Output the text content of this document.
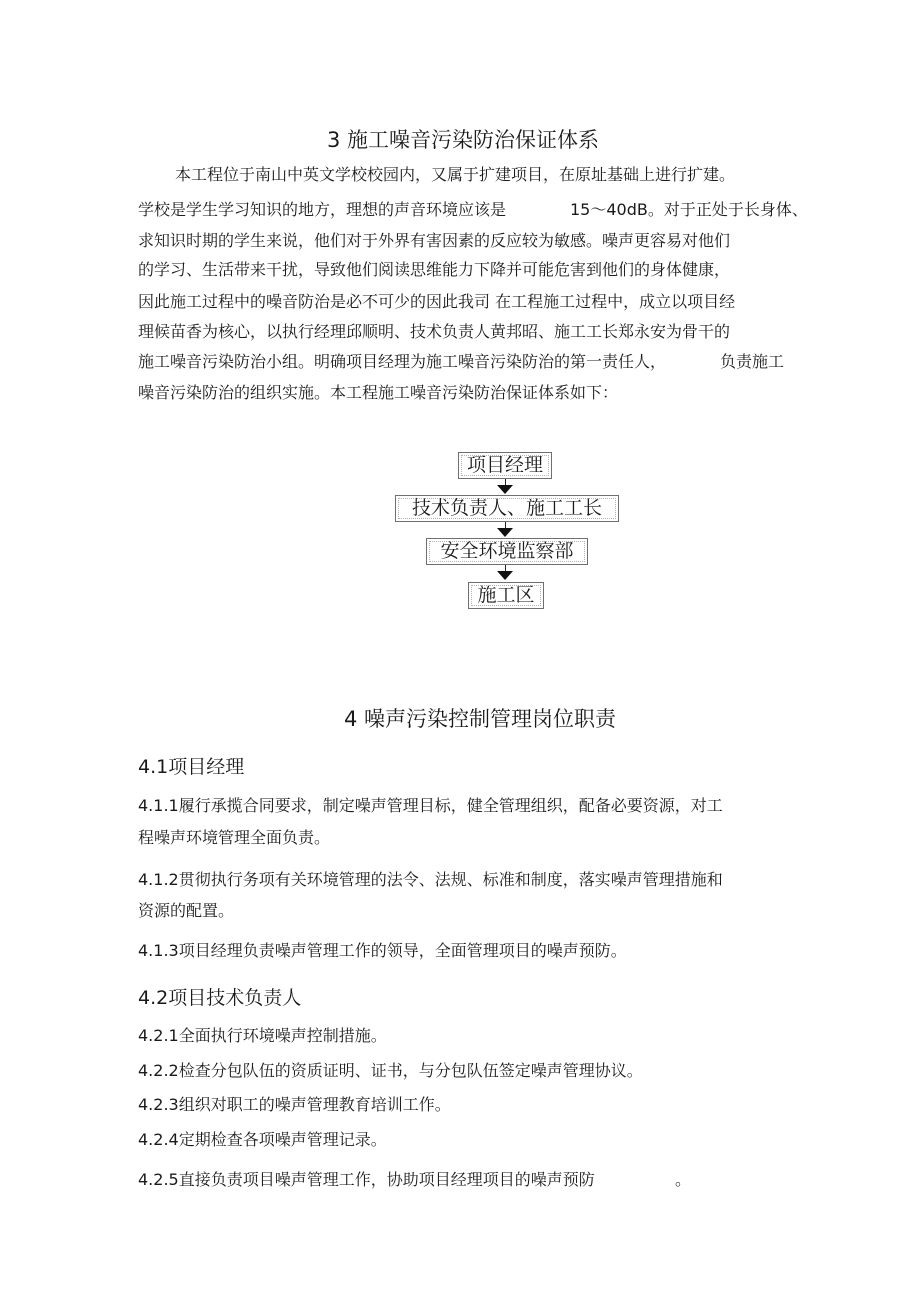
3 施工噪音污染防治保证体系
本工程位于南山中英文学校校园内，又属于扩建项目，在原址基础上进行扩建。
学校是学生学习知识的地方，理想的声音环境应该是	15～40dB。对于正处于长身体、
求知识时期的学生来说，他们对于外界有害因素的反应较为敏感。噪声更容易对他们
的学习、生活带来干扰，导致他们阅读思维能力下降并可能危害到他们的身体健康，
因此施工过程中的噪音防治是必不可少的因此我司 在工程施工过程中，成立以项目经
理候苗香为核心，以执行经理邱顺明、技术负责人黄邦昭、施工工长郑永安为骨干的
施工噪音污染防治小组。明确项目经理为施工噪音污染防治的第一责任人，	负责施工
噪音污染防治的组织实施。本工程施工噪音污染防治保证体系如下：
项目经理
技术负责人、施工工长
安全环境监察部
施工区
4 噪声污染控制管理岗位职责
4.1项目经理
4.1.1履行承揽合同要求，制定噪声管理目标，健全管理组织，配备必要资源，对工
程噪声环境管理全面负责。
4.1.2贯彻执行务项有关环境管理的法令、法规、标准和制度，落实噪声管理措施和
资源的配置。
4.1.3项目经理负责噪声管理工作的领导，全面管理项目的噪声预防。
4.2项目技术负责人
4.2.1全面执行环境噪声控制措施。
4.2.2检查分包队伍的资质证明、证书，与分包队伍签定噪声管理协议。
4.2.3组织对职工的噪声管理教育培训工作。
4.2.4定期检查各项噪声管理记录。
4.2.5直接负责项目噪声管理工作，协助项目经理项目的噪声预防	。
